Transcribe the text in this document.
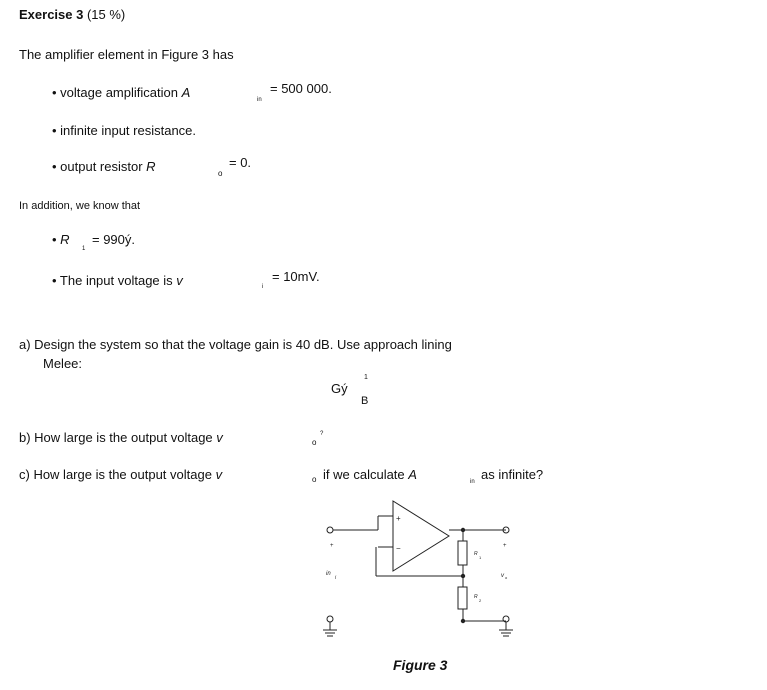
Exercise 3 (15 %)
The amplifier element in Figure 3 has
• voltage amplification A	in
= 500 000.
• infinite input resistance.
• output resistor R	o
= 0.
In addition, we know that
• R
1
= 990ý.
• The input voltage is v	i
= 10mV.
a) Design the system so that the voltage gain is 40 dB. Use approach lining
Melee:
Gý
1
B
b) How large is the output voltage v	o
?
c) How large is the output voltage v	o if we calculate A	in as infinite?
+
−
+
in
i
R
1
R
2
+
v o
Figure 3
